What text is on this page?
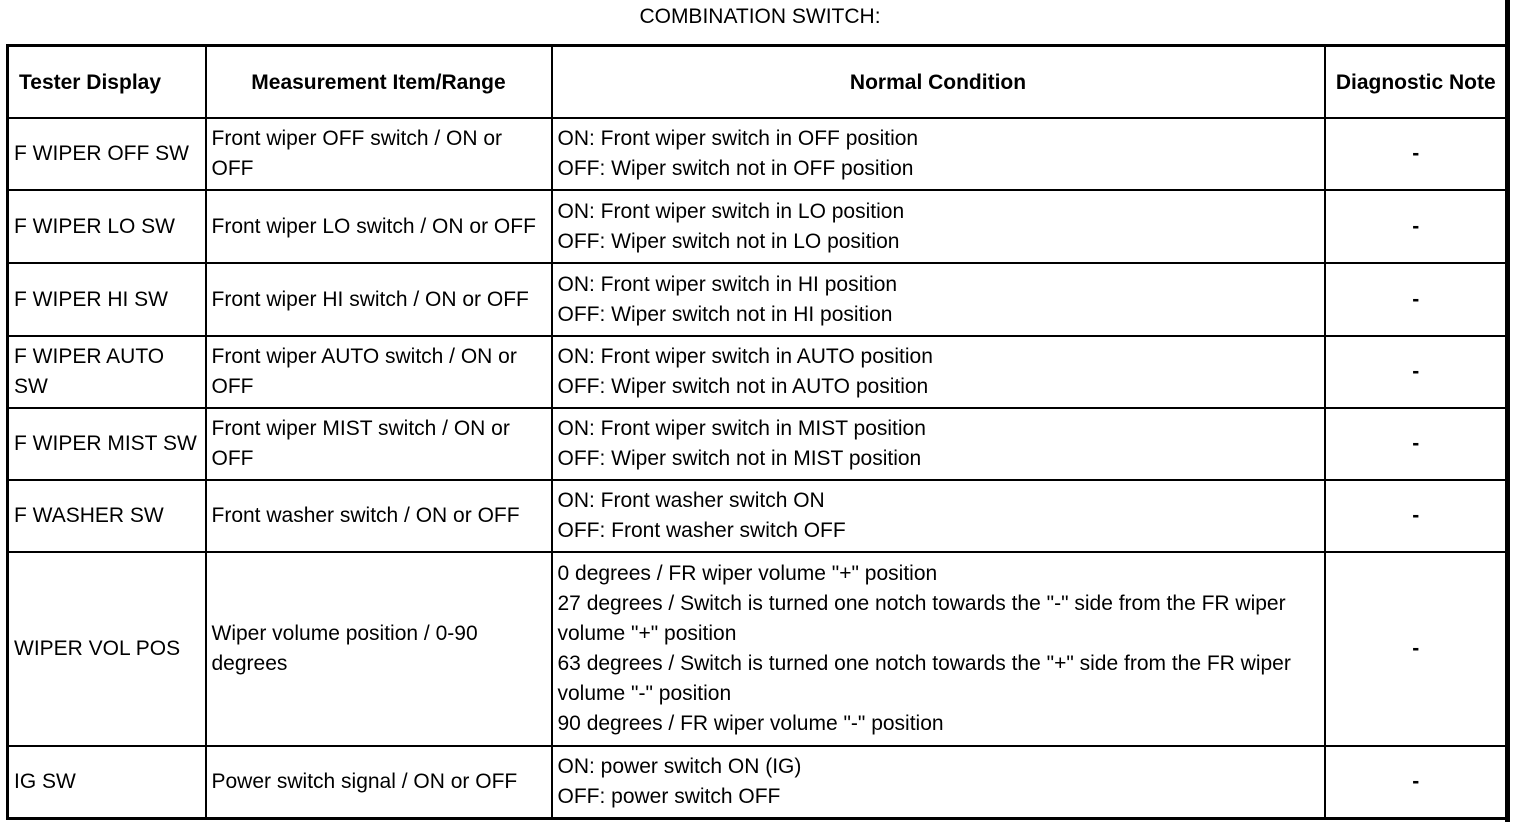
COMBINATION SWITCH:
Tester Display	Measurement Item/Range	Normal Condition	Diagnostic Note
F WIPER OFF SW	Front wiper OFF switch / ON or OFF	ON: Front wiper switch in OFF position
OFF: Wiper switch not in OFF position	-
F WIPER LO SW	Front wiper LO switch / ON or OFF	ON: Front wiper switch in LO position
OFF: Wiper switch not in LO position	-
F WIPER HI SW	Front wiper HI switch / ON or OFF	ON: Front wiper switch in HI position
OFF: Wiper switch not in HI position	-
F WIPER AUTO SW	Front wiper AUTO switch / ON or OFF	ON: Front wiper switch in AUTO position
OFF: Wiper switch not in AUTO position	-
F WIPER MIST SW	Front wiper MIST switch / ON or OFF	ON: Front wiper switch in MIST position
OFF: Wiper switch not in MIST position	-
F WASHER SW	Front washer switch / ON or OFF	ON: Front washer switch ON
OFF: Front washer switch OFF	-
WIPER VOL POS	Wiper volume position / 0-90 degrees	0 degrees / FR wiper volume "+" position
27 degrees / Switch is turned one notch towards the "-" side from the FR wiper volume "+" position
63 degrees / Switch is turned one notch towards the "+" side from the FR wiper volume "-" position
90 degrees / FR wiper volume "-" position	-
IG SW	Power switch signal / ON or OFF	ON: power switch ON (IG)
OFF: power switch OFF	-
